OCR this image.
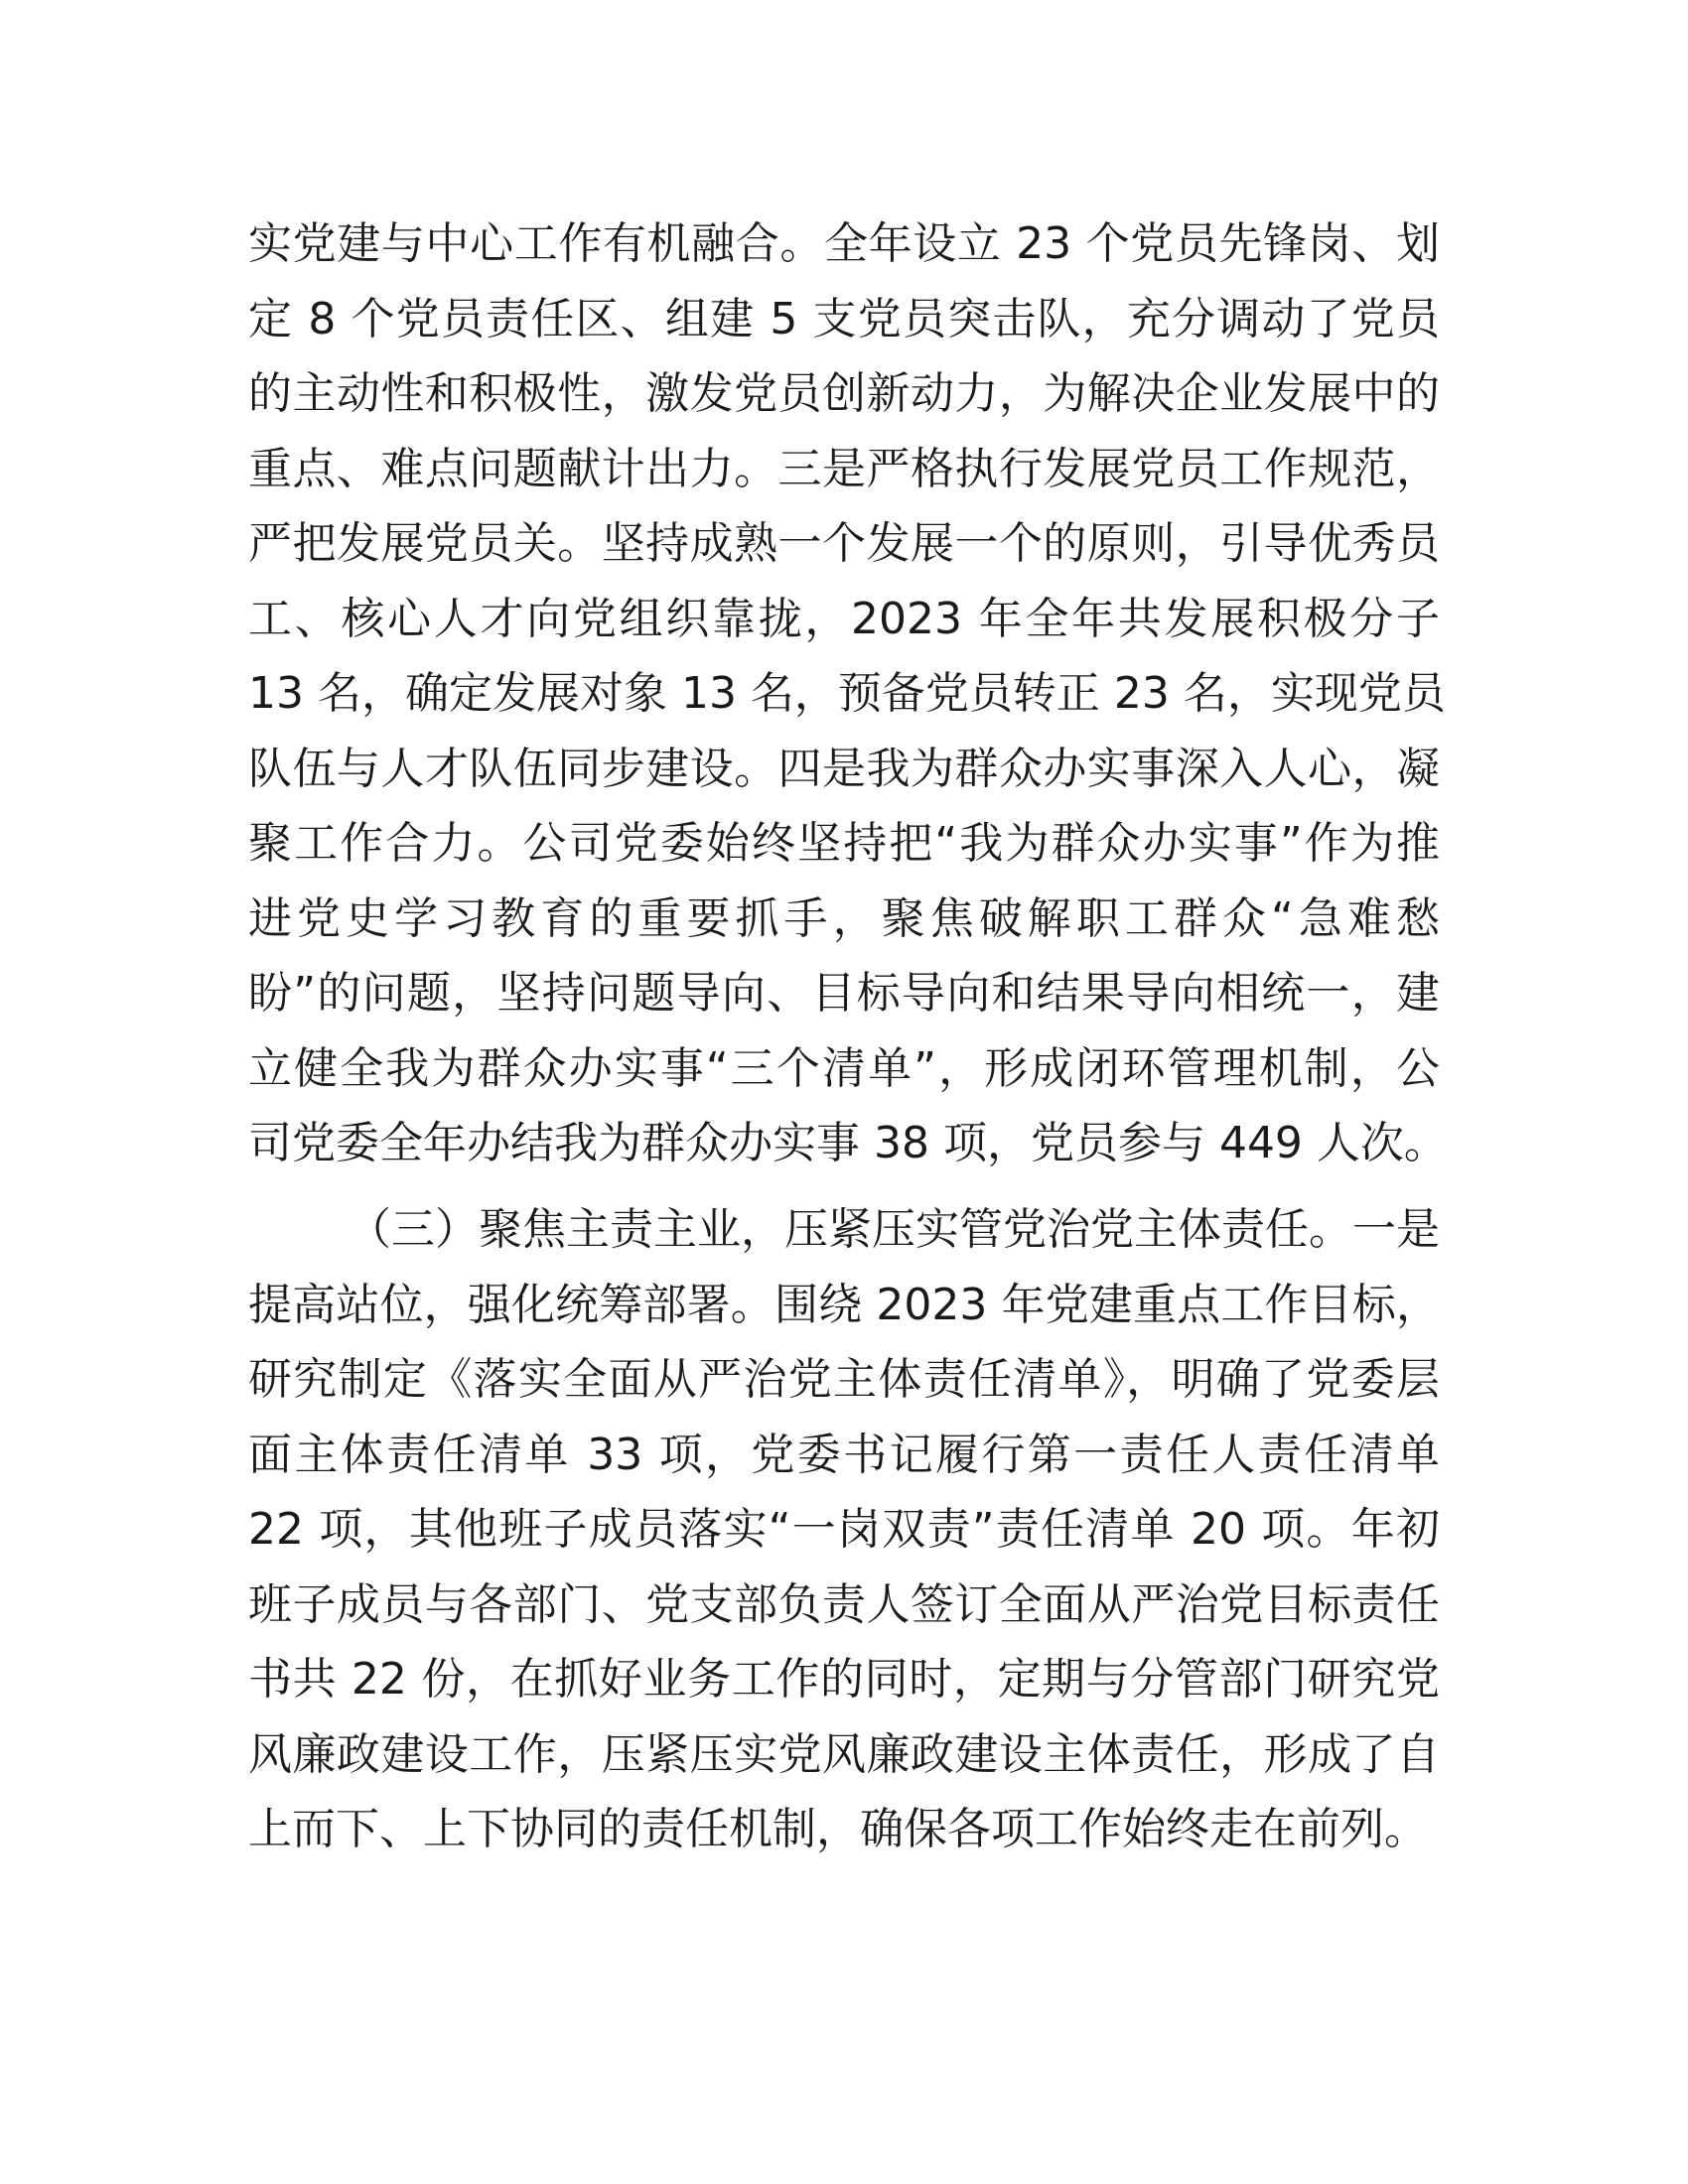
实党建与中心工作有机融合。全年设立 23 个党员先锋岗、划
定 8 个党员责任区、组建 5 支党员突击队，充分调动了党员
的主动性和积极性，激发党员创新动力，为解决企业发展中的
重点、难点问题献计出力。三是严格执行发展党员工作规范，
严把发展党员关。坚持成熟一个发展一个的原则，引导优秀员
工、核心人才向党组织靠拢，2023 年全年共发展积极分子
13 名，确定发展对象 13 名，预备党员转正 23 名，实现党员
队伍与人才队伍同步建设。四是我为群众办实事深入人心，凝
聚工作合力。公司党委始终坚持把“我为群众办实事”作为推
进党史学习教育的重要抓手，聚焦破解职工群众“急难愁
盼”的问题，坚持问题导向、目标导向和结果导向相统一，建
立健全我为群众办实事“三个清单”，形成闭环管理机制，公
司党委全年办结我为群众办实事 38 项，党员参与 449 人次。
（三）聚焦主责主业，压紧压实管党治党主体责任。一是
提高站位，强化统筹部署。围绕 2023 年党建重点工作目标，
研究制定《落实全面从严治党主体责任清单》，明确了党委层
面主体责任清单 33 项，党委书记履行第一责任人责任清单
22 项，其他班子成员落实“一岗双责”责任清单 20 项。年初
班子成员与各部门、党支部负责人签订全面从严治党目标责任
书共 22 份，在抓好业务工作的同时，定期与分管部门研究党
风廉政建设工作，压紧压实党风廉政建设主体责任，形成了自
上而下、上下协同的责任机制，确保各项工作始终走在前列。
